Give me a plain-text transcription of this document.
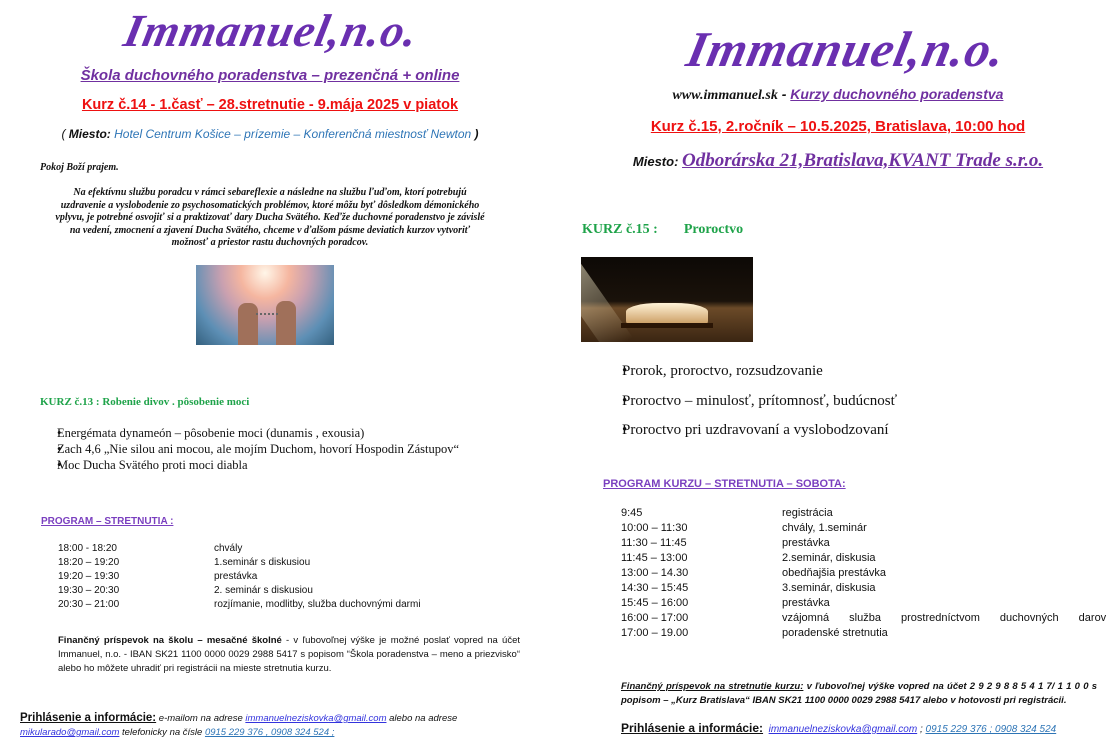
Immanuel,n.o.
Škola duchovného poradenstva – prezenčná + online
Kurz č.14 - 1.časť – 28.stretnutie - 9.mája 2025 v piatok
( Miesto: Hotel Centrum Košice – prízemie – Konferenčná miestnosť Newton )
Pokoj Boží prajem.
Na efektívnu službu poradcu v rámci sebareflexie a následne na službu ľuďom, ktorí potrebujú uzdravenie a vyslobodenie zo psychosomatických problémov, ktoré môžu byť dôsledkom démonického vplyvu, je potrebné osvojiť si a praktizovať dary Ducha Svätého. Keďže duchovné poradenstvo je závislé na vedení, zmocnení a zjavení Ducha Svätého, chceme v ďalšom pásme deviatich kurzov vytvoriť možnosť a priestor rastu duchovných poradcov.
KURZ č.13 : Robenie divov . pôsobenie moci
• Energémata dynameón – pôsobenie moci (dunamis , exousia)
• Zach 4,6 „Nie silou ani mocou, ale mojím Duchom, hovorí Hospodin Zástupov“
• Moc Ducha Svätého proti moci diabla
PROGRAM – STRETNUTIA :
18:00 - 18:20	chvály
18:20 – 19:20	1.seminár s diskusiou
19:20 – 19:30	prestávka
19:30 – 20:30	2. seminár s diskusiou
20:30 – 21:00	rozjímanie, modlitby, služba duchovnými darmi
Finančný príspevok na školu – mesačné školné - v ľubovoľnej výške je možné poslať vopred na účet Immanuel, n.o. - IBAN SK21 1100 0000 0029 2988 5417 s popisom “Škola poradenstva – meno a priezvisko“ alebo ho môžete uhradiť pri registrácii na mieste stretnutia kurzu.
Prihlásenie a informácie: e-mailom na adrese immanuelneziskovka@gmail.com alebo na adrese
mikularado@gmail.com telefonicky na čísle 0915 229 376 , 0908 324 524 ;
Immanuel,n.o.
www.immanuel.sk - Kurzy duchovného poradenstva
Kurz č.15, 2.ročník – 10.5.2025, Bratislava, 10:00 hod
Miesto: Odborárska 21,Bratislava,KVANT Trade s.r.o.
KURZ č.15 : Proroctvo
• Prorok, proroctvo, rozsudzovanie
• Proroctvo – minulosť, prítomnosť, budúcnosť
• Proroctvo pri uzdravovaní a vyslobodzovaní
PROGRAM KURZU – STRETNUTIA – SOBOTA:
9:45	registrácia
10:00 – 11:30	chvály, 1.seminár
11:30 – 11:45	prestávka
11:45 – 13:00	2.seminár, diskusia
13:00 – 14.30	obedňajšia prestávka
14:30 – 15:45	3.seminár, diskusia
15:45 – 16:00	prestávka
16:00 – 17:00	vzájomná služba prostredníctvom duchovných darov
17:00 – 19.00	poradenské stretnutia
Finančný príspevok na stretnutie kurzu: v ľubovoľnej výške vopred na účet 2 9 2 9 8 8 5 4 1 7/ 1 1 0 0 s popisom – „Kurz Bratislava“ IBAN SK21 1100 0000 0029 2988 5417 alebo v hotovosti pri registrácii.
Prihlásenie a informácie: immanuelneziskovka@gmail.com ; 0915 229 376 ; 0908 324 524
